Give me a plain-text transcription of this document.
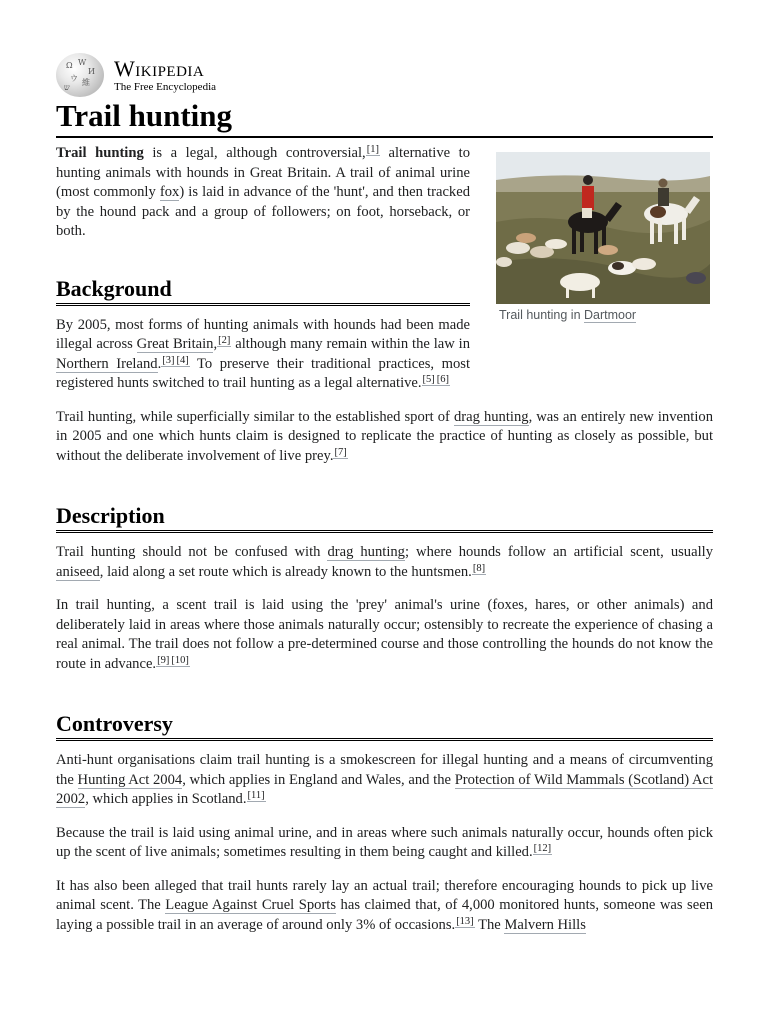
Ω W
И
ウ 維
ש
Wikipedia
The Free Encyclopedia
Trail hunting
Trail hunting in Dartmoor

Trail hunting is a legal, although controversial,[1] alternative to hunting animals with hounds in Great Britain. A trail of animal urine (most commonly fox) is laid in advance of the 'hunt', and then tracked by the hound pack and a group of followers; on foot, horseback, or both.

Background

By 2005, most forms of hunting animals with hounds had been made illegal across Great Britain,[2] although many remain within the law in Northern Ireland.[3] [4] To preserve their traditional practices, most registered hunts switched to trail hunting as a legal alternative.[5] [6]

Trail hunting, while superficially similar to the established sport of drag hunting, was an entirely new invention in 2005 and one which hunts claim is designed to replicate the practice of hunting as closely as possible, but without the deliberate involvement of live prey.[7]

Description

Trail hunting should not be confused with drag hunting; where hounds follow an artificial scent, usually aniseed, laid along a set route which is already known to the huntsmen.[8]

In trail hunting, a scent trail is laid using the 'prey' animal's urine (foxes, hares, or other animals) and deliberately laid in areas where those animals naturally occur; ostensibly to recreate the experience of chasing a real animal. The trail does not follow a pre-determined course and those controlling the hounds do not know the route in advance.[9] [10]

Controversy

Anti-hunt organisations claim trail hunting is a smokescreen for illegal hunting and a means of circumventing the Hunting Act 2004, which applies in England and Wales, and the Protection of Wild Mammals (Scotland) Act 2002, which applies in Scotland.[11]

Because the trail is laid using animal urine, and in areas where such animals naturally occur, hounds often pick up the scent of live animals; sometimes resulting in them being caught and killed.[12]

It has also been alleged that trail hunts rarely lay an actual trail; therefore encouraging hounds to pick up live animal scent. The League Against Cruel Sports has claimed that, of 4,000 monitored hunts, someone was seen laying a possible trail in an average of around only 3% of occasions.[13] The Malvern Hills
